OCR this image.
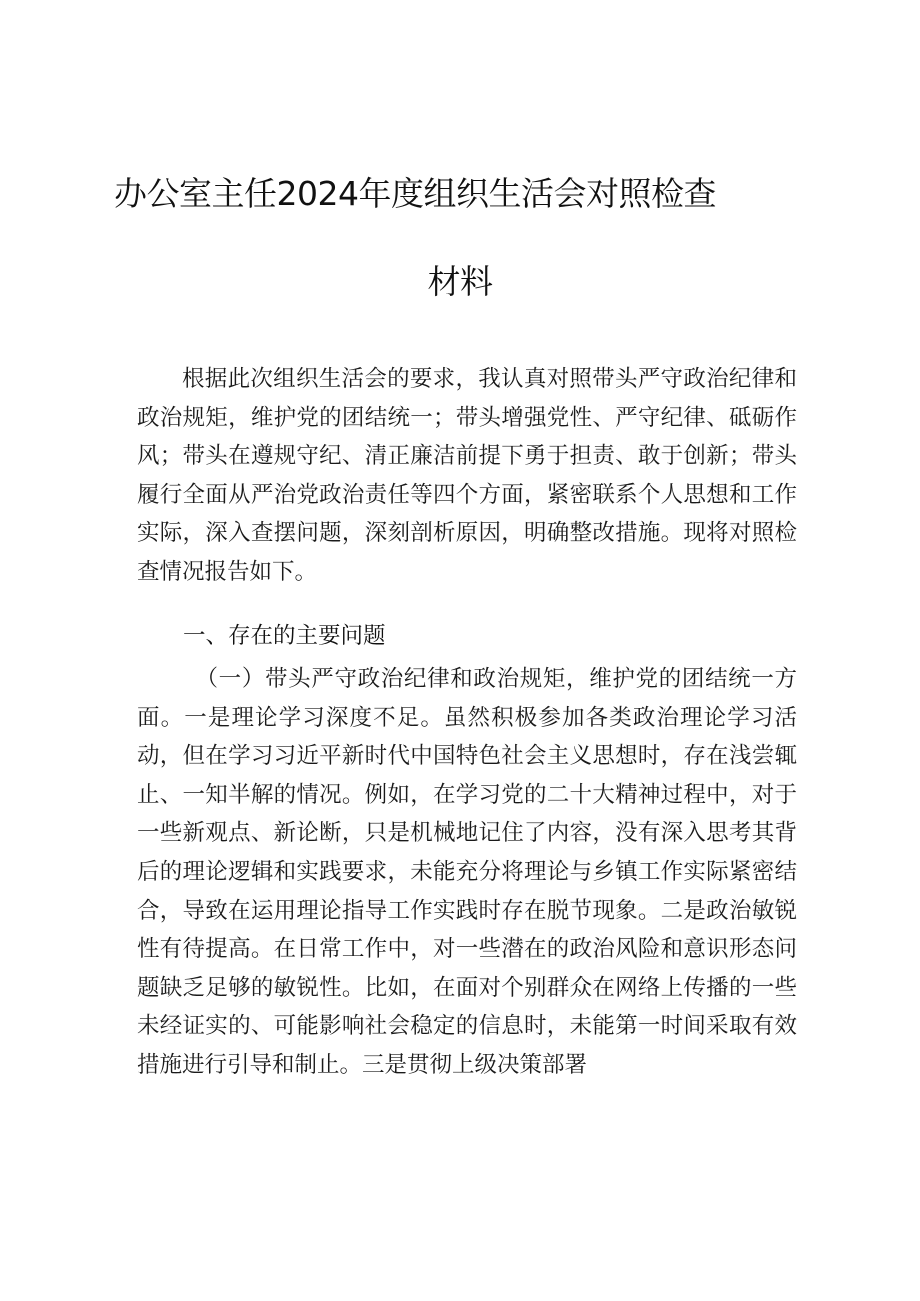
办公室主任2024年度组织生活会对照检查
材料

根据此次组织生活会的要求，我认真对照带头严守政治纪律和政治规矩，维护党的团结统一；带头增强党性、严守纪律、砥砺作风；带头在遵规守纪、清正廉洁前提下勇于担责、敢于创新；带头履行全面从严治党政治责任等四个方面，紧密联系个人思想和工作实际，深入查摆问题，深刻剖析原因，明确整改措施。现将对照检查情况报告如下。

一、存在的主要问题

（一）带头严守政治纪律和政治规矩，维护党的团结统一方面。一是理论学习深度不足。虽然积极参加各类政治理论学习活动，但在学习习近平新时代中国特色社会主义思想时，存在浅尝辄止、一知半解的情况。例如，在学习党的二十大精神过程中，对于一些新观点、新论断，只是机械地记住了内容，没有深入思考其背后的理论逻辑和实践要求，未能充分将理论与乡镇工作实际紧密结合，导致在运用理论指导工作实践时存在脱节现象。二是政治敏锐性有待提高。在日常工作中，对一些潜在的政治风险和意识形态问题缺乏足够的敏锐性。比如，在面对个别群众在网络上传播的一些未经证实的、可能影响社会稳定的信息时，未能第一时间采取有效措施进行引导和制止。三是贯彻上级决策部署
